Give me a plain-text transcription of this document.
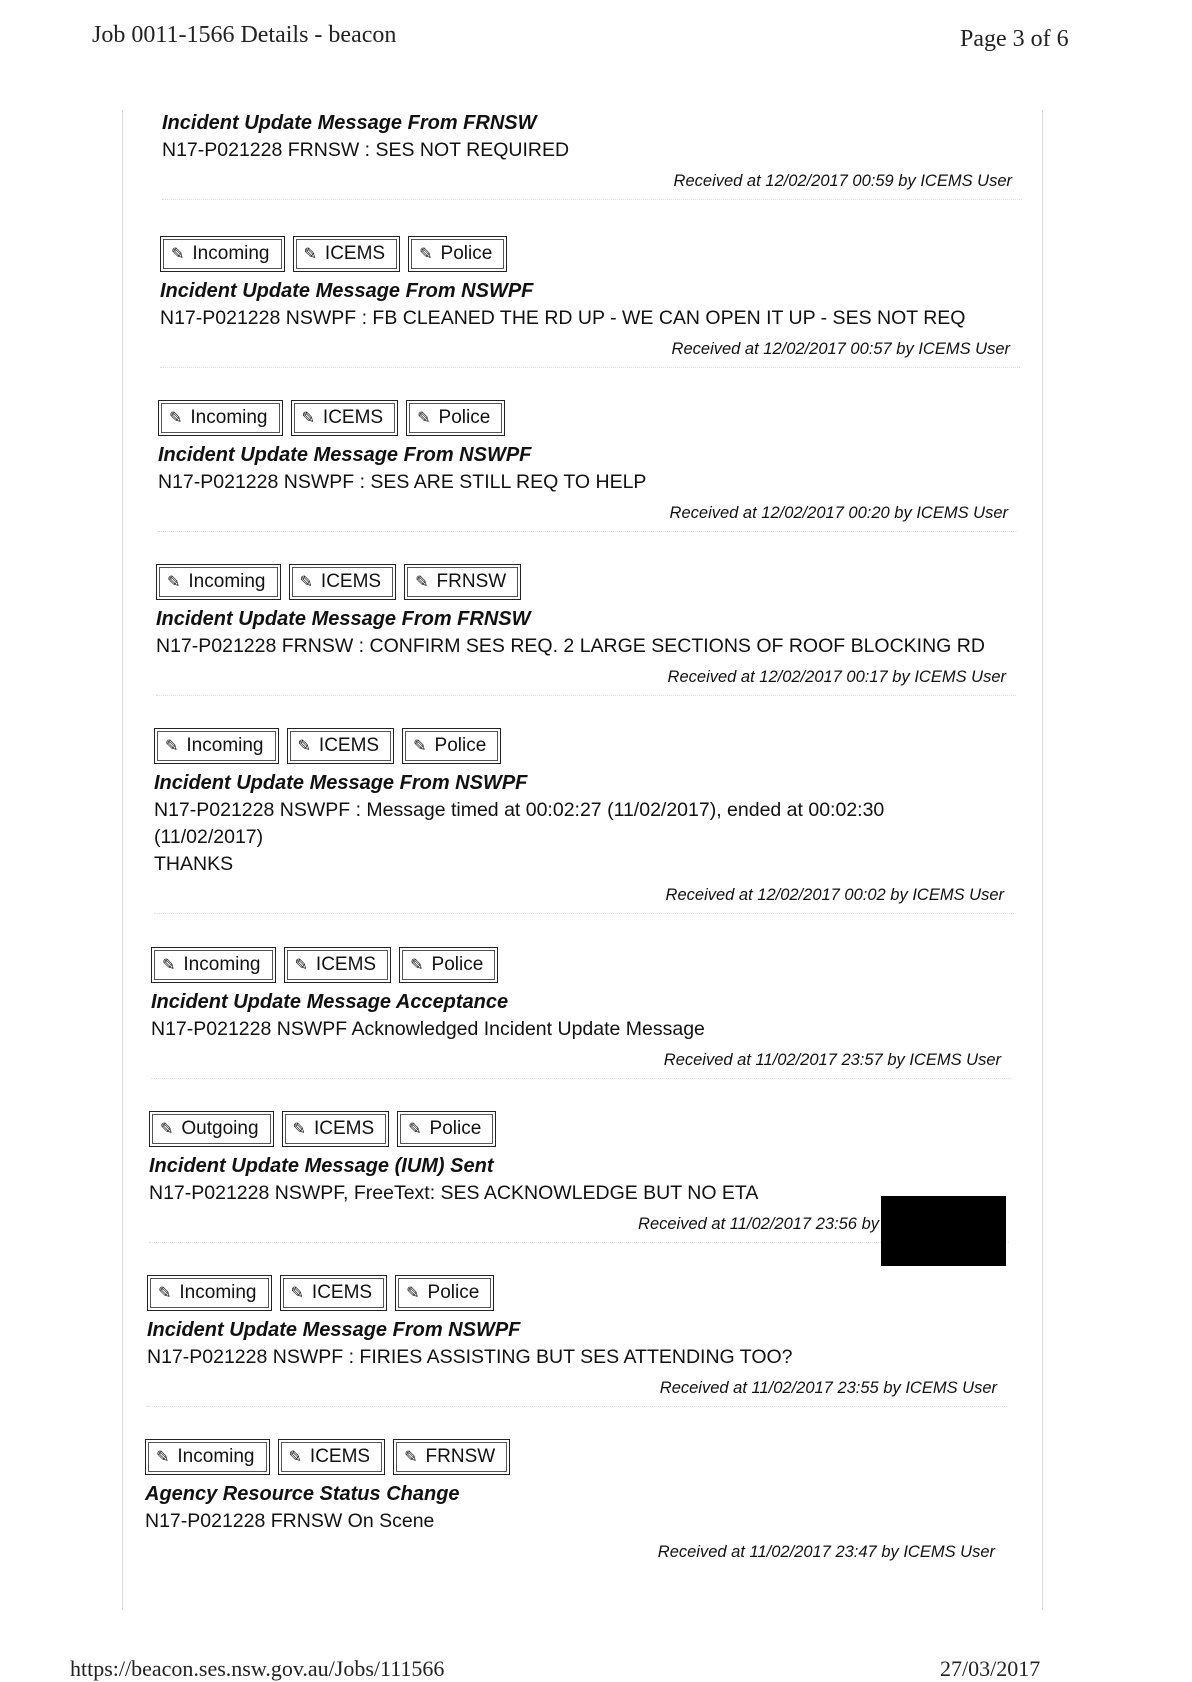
Job 0011-1566 Details - beacon	Page 3 of 6
Incident Update Message From FRNSW
N17-P021228 FRNSW : SES NOT REQUIRED
Received at 12/02/2017 00:59 by ICEMS User
✎ Incoming ✎ ICEMS ✎ Police
Incident Update Message From NSWPF
N17-P021228 NSWPF : FB CLEANED THE RD UP - WE CAN OPEN IT UP - SES NOT REQ
Received at 12/02/2017 00:57 by ICEMS User
✎ Incoming ✎ ICEMS ✎ Police
Incident Update Message From NSWPF
N17-P021228 NSWPF : SES ARE STILL REQ TO HELP
Received at 12/02/2017 00:20 by ICEMS User
✎ Incoming ✎ ICEMS ✎ FRNSW
Incident Update Message From FRNSW
N17-P021228 FRNSW : CONFIRM SES REQ. 2 LARGE SECTIONS OF ROOF BLOCKING RD
Received at 12/02/2017 00:17 by ICEMS User
✎ Incoming ✎ ICEMS ✎ Police
Incident Update Message From NSWPF
N17-P021228 NSWPF : Message timed at 00:02:27 (11/02/2017), ended at 00:02:30
(11/02/2017)
THANKS
Received at 12/02/2017 00:02 by ICEMS User
✎ Incoming ✎ ICEMS ✎ Police
Incident Update Message Acceptance
N17-P021228 NSWPF Acknowledged Incident Update Message
Received at 11/02/2017 23:57 by ICEMS User
✎ Outgoing ✎ ICEMS ✎ Police
Incident Update Message (IUM) Sent
N17-P021228 NSWPF, FreeText: SES ACKNOWLEDGE BUT NO ETA
Received at 11/02/2017 23:56 by
✎ Incoming ✎ ICEMS ✎ Police
Incident Update Message From NSWPF
N17-P021228 NSWPF : FIRIES ASSISTING BUT SES ATTENDING TOO?
Received at 11/02/2017 23:55 by ICEMS User
✎ Incoming ✎ ICEMS ✎ FRNSW
Agency Resource Status Change
N17-P021228 FRNSW On Scene
Received at 11/02/2017 23:47 by ICEMS User
https://beacon.ses.nsw.gov.au/Jobs/111566	27/03/2017
